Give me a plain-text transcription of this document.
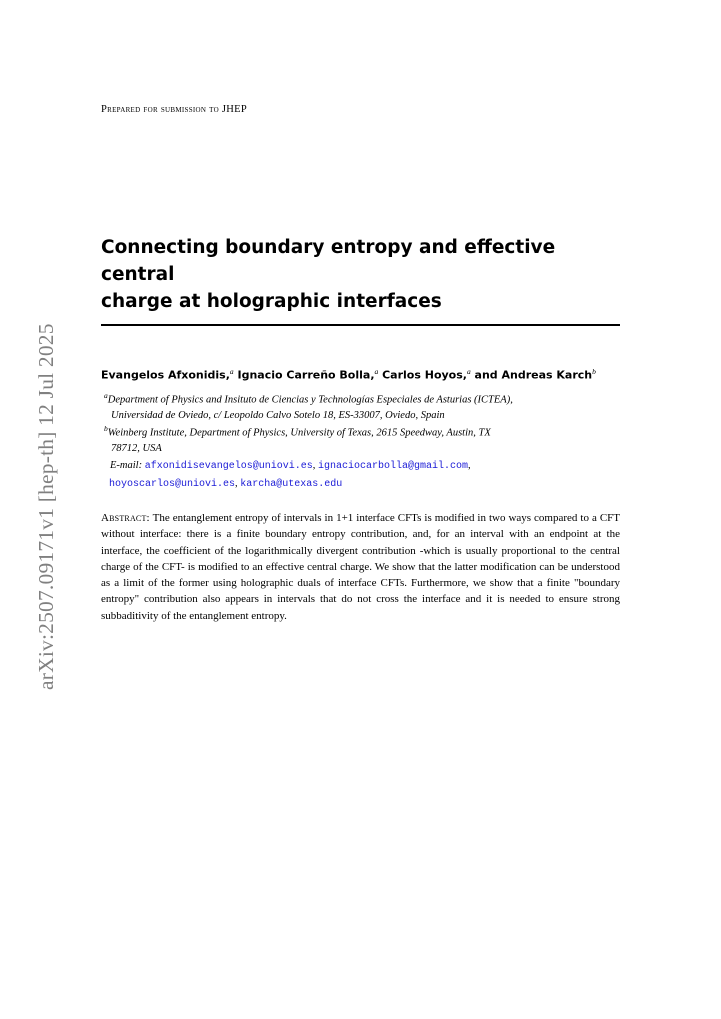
Prepared for submission to JHEP
arXiv:2507.09171v1 [hep-th] 12 Jul 2025
Connecting boundary entropy and effective central
charge at holographic interfaces
Evangelos Afxonidis,$^a$ Ignacio Carreño Bolla,$^a$ Carlos Hoyos,$^a$ and Andreas Karch$^b$
$^a$Department of Physics and Insituto de Ciencias y Technologías Especiales de Asturias (ICTEA),
Universidad de Oviedo, c/ Leopoldo Calvo Sotelo 18, ES-33007, Oviedo, Spain
$^b$Weinberg Institute, Department of Physics, University of Texas, 2615 Speedway, Austin, TX
78712, USA
E-mail: afxonidisevangelos@uniovi.es, ignaciocarbolla@gmail.com,
hoyoscarlos@uniovi.es, karcha@utexas.edu

Abstract: The entanglement entropy of intervals in 1+1 interface CFTs is modified in two ways compared to a CFT without interface: there is a finite boundary entropy contribution, and, for an interval with an endpoint at the interface, the coefficient of the logarithmically divergent contribution -which is usually proportional to the central charge of the CFT- is modified to an effective central charge. We show that the latter modification can be understood as a limit of the former using holographic duals of interface CFTs. Furthermore, we show that a finite "boundary entropy" contribution also appears in intervals that do not cross the interface and it is needed to ensure strong subbaditivity of the entanglement entropy.
